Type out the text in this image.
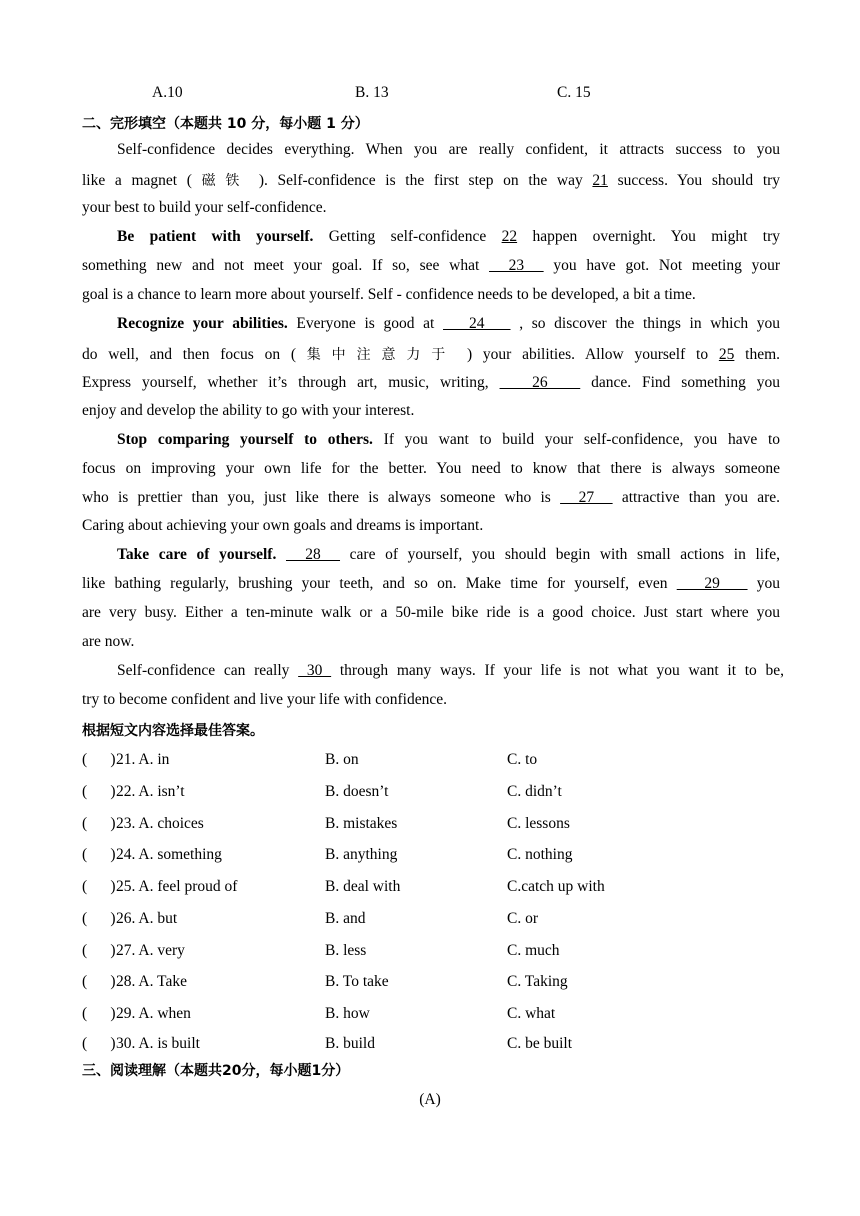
A.10	B. 13	C. 15
二、完形填空（本题共 10 分，每小题 1 分）
Self-confidence decides everything. When you are really confident, it attracts success to you
like a magnet ( 磁铁 ). Self-confidence is the first step on the way 21 success. You should try
your best to build your self-confidence.
Be patient with yourself. Getting self-confidence 22 happen overnight. You might try
something new and not meet your goal. If so, see what   23   you have got. Not meeting your
goal is a chance to learn more about yourself. Self - confidence needs to be developed, a bit a time.
Recognize your abilities. Everyone is good at    24    , so discover the things in which you
do well, and then focus on ( 集中注意力于 ) your abilities. Allow yourself to 25 them.
Express yourself, whether it’s through art, music, writing,    26    dance. Find something you
enjoy and develop the ability to go with your interest.
Stop comparing yourself to others. If you want to build your self-confidence, you have to
focus on improving your own life for the better. You need to know that there is always someone
who is prettier than you, just like there is always someone who is   27   attractive than you are.
Caring about achieving your own goals and dreams is important.
Take care of yourself.   28   care of yourself, you should begin with small actions in life,
like bathing regularly, brushing your teeth, and so on. Make time for yourself, even    29    you
are very busy. Either a ten-minute walk or a 50-mile bike ride is a good choice. Just start where you
are now.
Self-confidence can really  30  through many ways. If your life is not what you want it to be,
try to become confident and live your life with confidence.
根据短文内容选择最佳答案。
(      ) 21. A. in	B. on	C. to
(      ) 22. A. isn’t	B. doesn’t	C. didn’t
(      ) 23. A. choices	B. mistakes	C. lessons
(      ) 24. A. something	B. anything	C. nothing
(      ) 25. A. feel proud of	B. deal with	C.catch up with
(      ) 26. A. but	B. and	C. or
(      ) 27. A. very	B. less	C. much
(      ) 28. A. Take	B. To take	C. Taking
(      ) 29. A. when	B. how	C. what
(      ) 30. A. is built	B. build	C. be built
三、阅读理解（本题共20分，每小题1分）
(A)
